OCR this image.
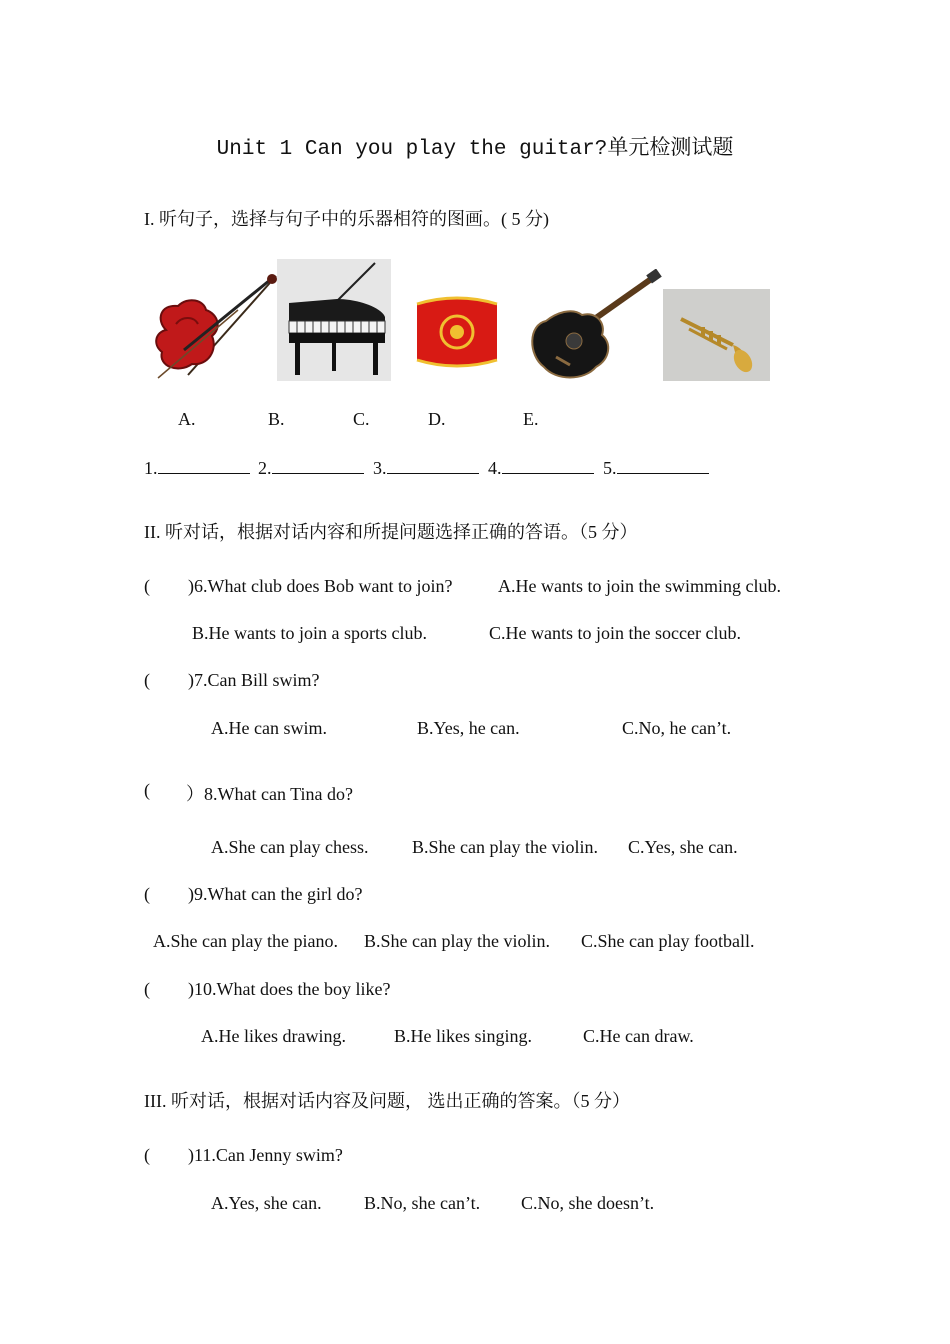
Unit 1 Can you play the guitar?单元检测试题
I. 听句子，选择与句子中的乐器相符的图画。( 5 分)
A.	B.	C.	D.	E.
1.	2.	3.	4.	5.
II. 听对话，根据对话内容和所提问题选择正确的答语。（5 分）
( )6.What club does Bob want to join?	A.He wants to join the swimming club.
B.He wants to join a sports club.	C.He wants to join the soccer club.
( )7.Can Bill swim?
A.He can swim.	B.Yes, he can.	C.No, he can’t.
( ）8.What can Tina do?
A.She can play chess. B.She can play the violin. C.Yes, she can.
( )9.What can the girl do?
A.She can play the piano. B.She can play the violin. C.She can play football.
( )10.What does the boy like?
A.He likes drawing.	B.He likes singing.	C.He can draw.
III. 听对话，根据对话内容及问题， 选出正确的答案。（5 分）
( )11.Can Jenny swim?
A.Yes, she can. B.No, she can’t. C.No, she doesn’t.
